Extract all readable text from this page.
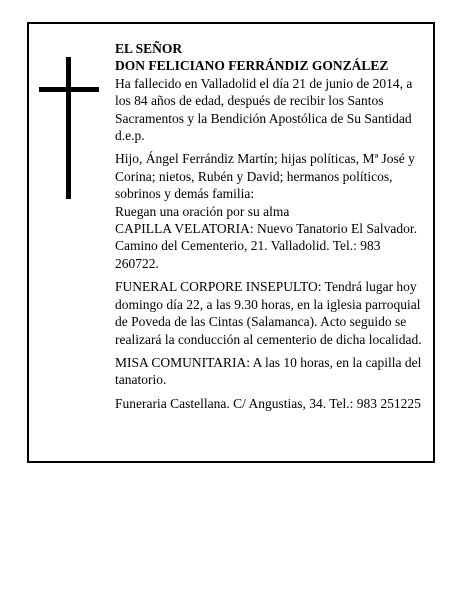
EL SEÑOR

DON FELICIANO FERRÁNDIZ GONZÁLEZ

Ha fallecido en Valladolid el día 21 de junio de 2014, a los 84 años de edad, después de recibir los Santos Sacramentos y la Bendición Apostólica de Su Santidad d.e.p.

Hijo, Ángel Ferrándiz Martín; hijas políticas, Mª José y Corina; nietos, Rubén y David; hermanos políticos, sobrinos y demás familia:

Ruegan una oración por su alma

CAPILLA VELATORIA: Nuevo Tanatorio El Salvador. Camino del Cementerio, 21. Valladolid. Tel.: 983 260722.

FUNERAL CORPORE INSEPULTO: Tendrá lugar hoy domingo día 22, a las 9.30 horas, en la iglesia parroquial de Poveda de las Cintas (Salamanca). Acto seguido se realizará la conducción al cementerio de dicha localidad.

MISA COMUNITARIA: A las 10 horas, en la capilla del tanatorio.

Funeraria Castellana. C/ Angustias, 34. Tel.: 983 251225
